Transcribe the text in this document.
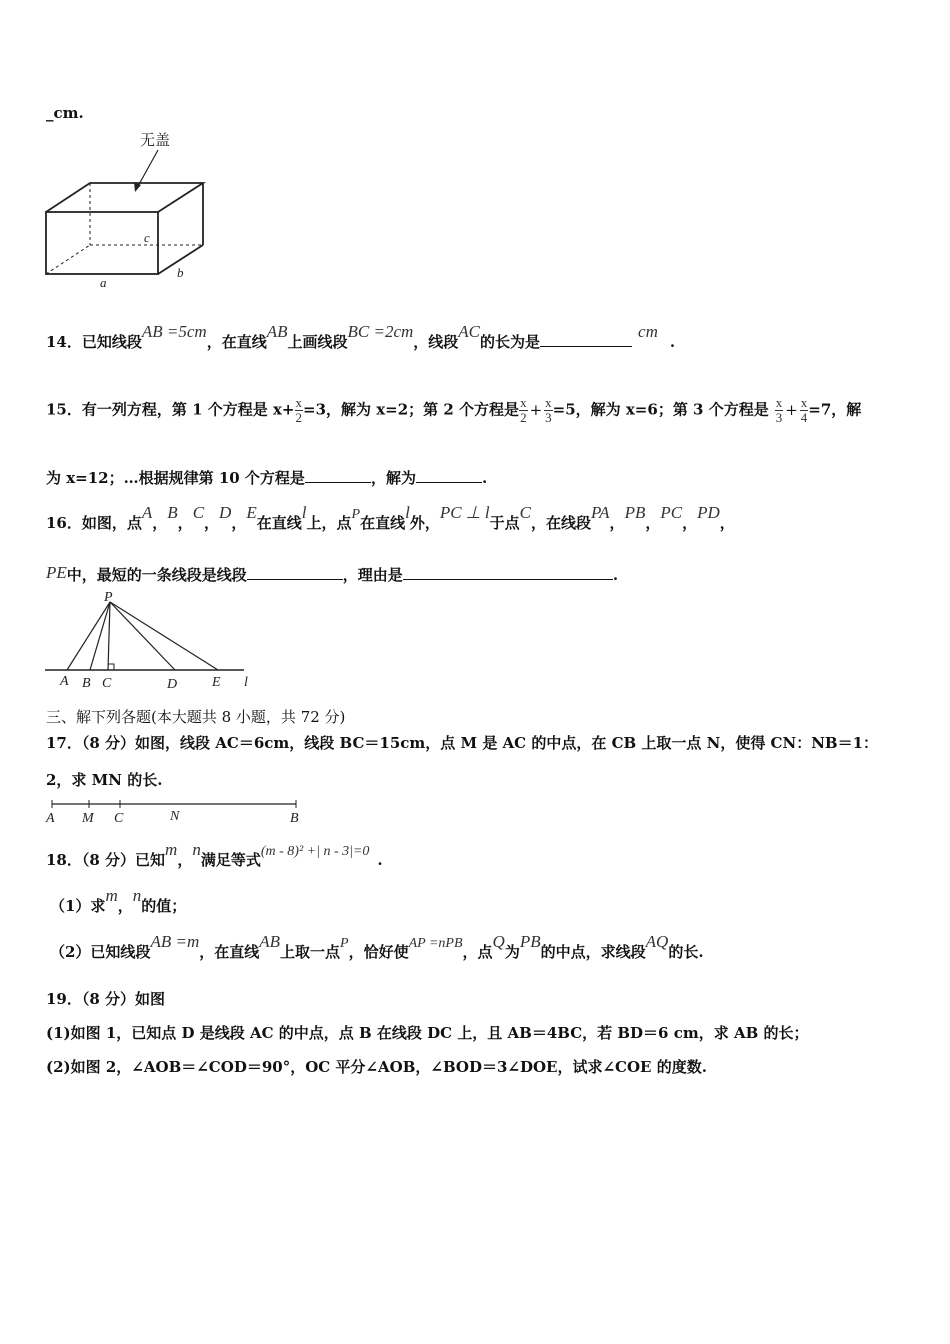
_cm.
无盖
c
a
b
14．已知线段AB =5cm，在直线AB上画线段BC =2cm，线段AC的长为是cm.
15．有一列方程，第 1 个方程是 $x+ \frac{x}{2} =3$，解为 x=2；第 2 个方程是 $\frac{x}{2} + \frac{x}{3} =5$，解为 x=6；第 3 个方程是 $\frac{x}{3} + \frac{x}{4} =7$，解
为 x=12；…根据规律第 10 个方程是	，解为	.
16．如图，点A，B，C，D，E在直线l上，点P在直线l外，PC ⊥ l于点C，在线段PA，PB，PC，PD，
PE中，最短的一条线段是线段	，理由是	.
P
A B C	D E l
三、解下列各题(本大题共 8 小题，共 72 分)
17．（8 分）如图，线段 AC＝6cm，线段 BC＝15cm，点 M 是 AC 的中点，在 CB 上取一点 N，使得 CN：NB＝1：
2，求 MN 的长.
A M C	N	B
18．（8 分）已知m，n满足等式(m - 8)² +| n - 3|=0 .
（1）求m，n的值；
（2）已知线段AB =m，在直线AB上取一点P，恰好使AP =nPB，点Q为PB的中点，求线段AQ的长.
19．（8 分）如图
(1)如图 1，已知点 D 是线段 AC 的中点，点 B 在线段 DC 上，且 AB＝4BC，若 BD＝6 cm，求 AB 的长；
(2)如图 2，∠AOB＝∠COD＝90°，OC 平分∠AOB，∠BOD＝3∠DOE，试求∠COE 的度数.
